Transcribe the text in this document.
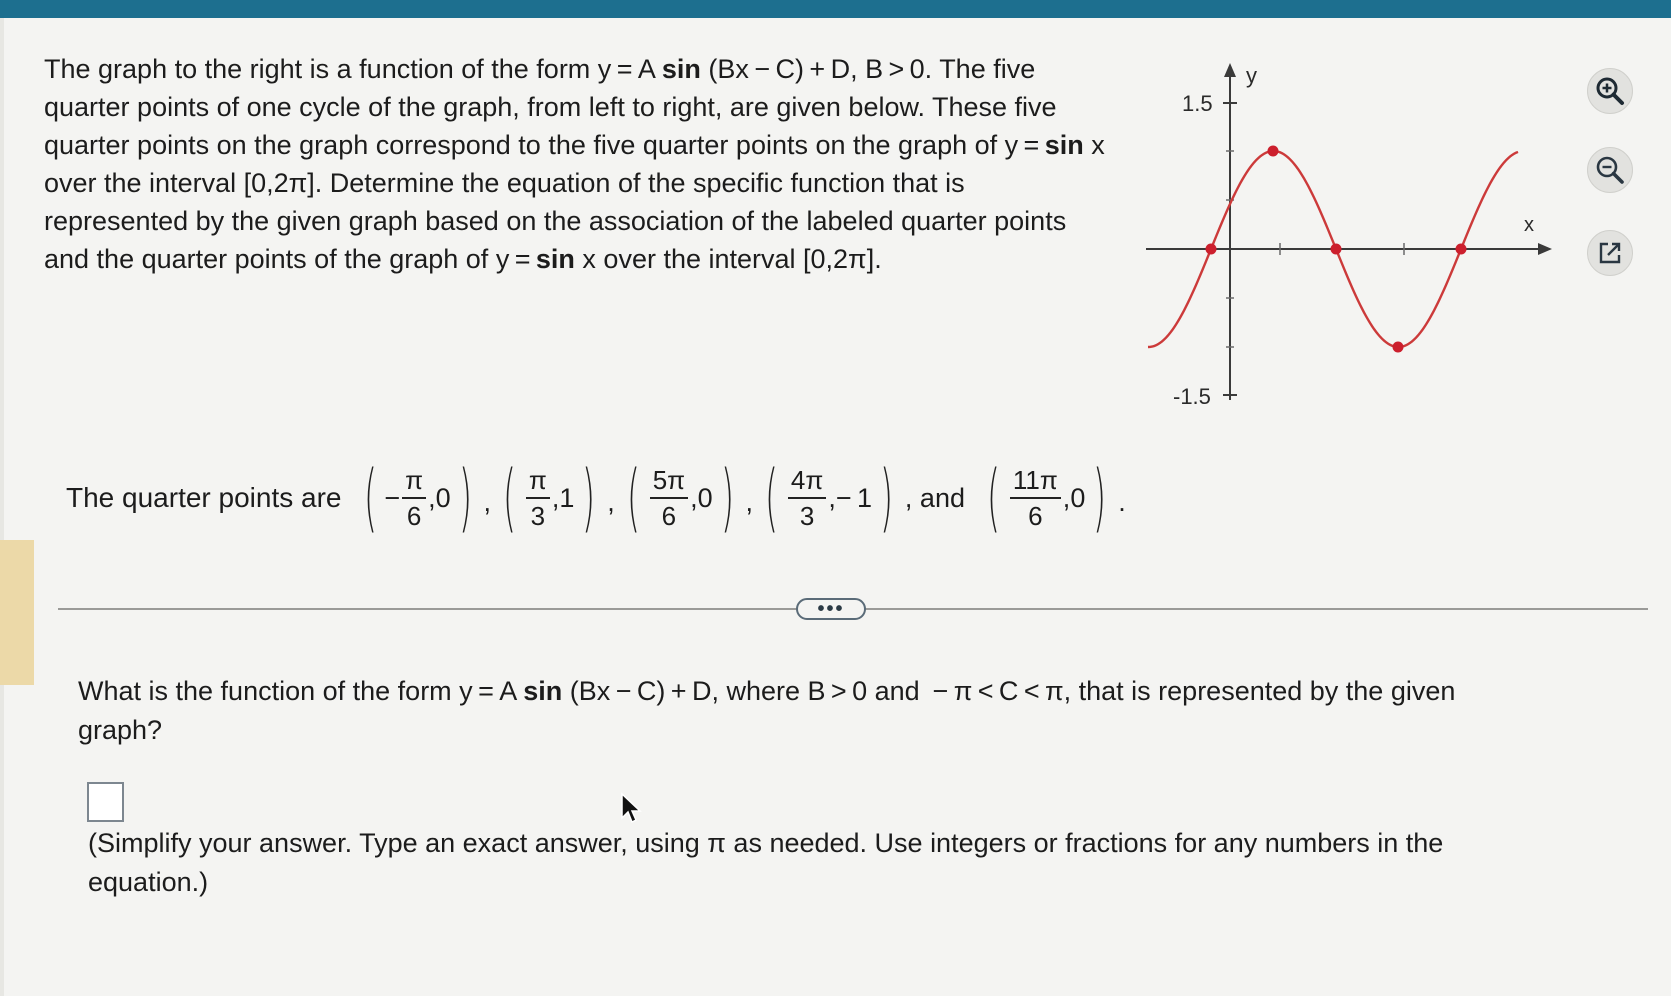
The graph to the right is a function of the form y = A sin (Bx − C) + D, B > 0. The five quarter points of one cycle of the graph, from left to right, are given below. These five quarter points on the graph correspond to the five quarter points on the graph of y = sin x over the interval [0,2π]. Determine the equation of the specific function that is represented by the given graph based on the association of the labeled quarter points and the quarter points of the graph of y = sin x over the interval [0,2π].
y
1.5
-1.5
x
The quarter points are ( − $\frac{\pi}{6}$ , 0 ) , ( $\frac{\pi}{3}$ , 1 ) , ( $\frac{5\pi}{6}$ , 0 ) , ( $\frac{4\pi}{3}$ , − 1 ) , and ( $\frac{11\pi}{6}$ , 0 ) .
•••
What is the function of the form y = A sin (Bx − C) + D, where B > 0 and  − π < C < π, that is represented by the given graph?
(Simplify your answer. Type an exact answer, using π as needed. Use integers or fractions for any numbers in the equation.)
